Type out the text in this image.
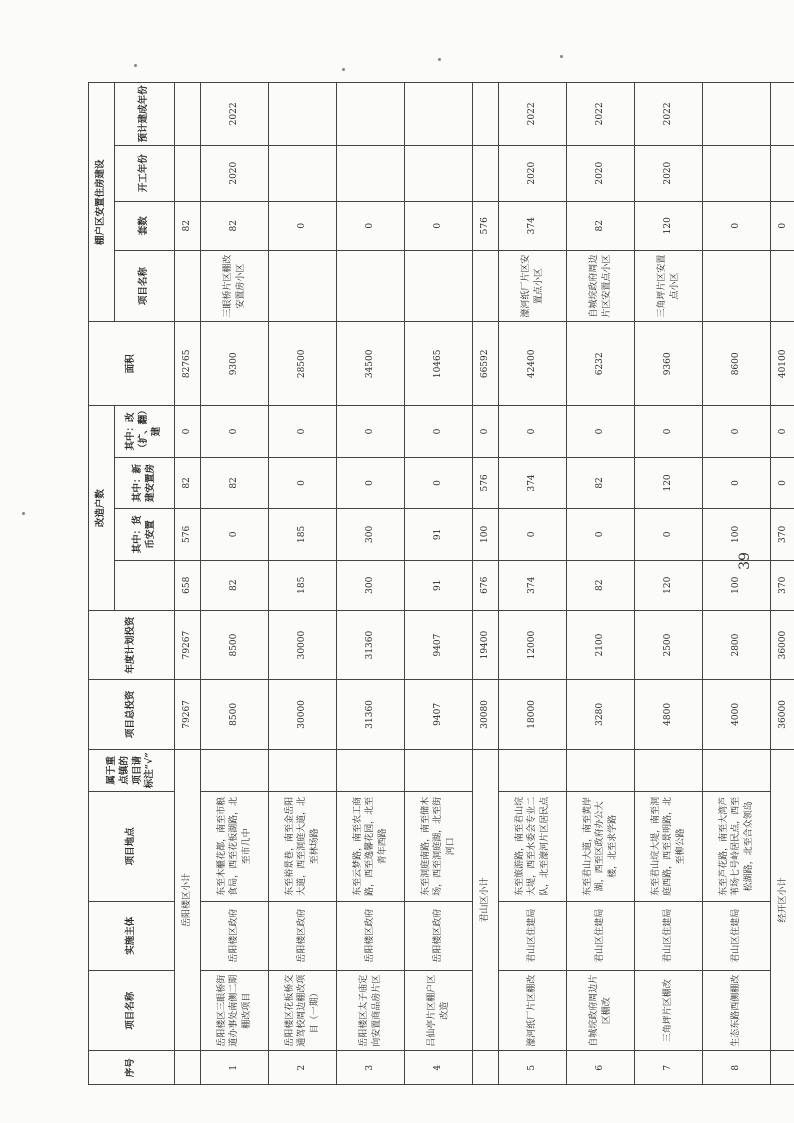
序号	项目名称	实施主体	项目地点	属于重点镇的项目请标注“√”	项目总投资	年度计划投资	改造户数				面积	棚户区安置住房建设			
								其中：货币安置	其中：新建安置房	其中：改（扩、翻）建		项目名称	套数	开工年份	预计建成年份
	岳阳楼区小计				79267	79267	658	576	82	0	82765		82		
1	岳阳楼区三眼桥街道办事处南侧二期棚改项目	岳阳楼区政府	东至木櫃花都，南至市粮食局，西至花板湖路，北至市几中		8500	8500	82	0	82	0	9300	三眼桥片区棚改安置房小区	82	2020	2022
2	岳阳楼区花板桥交通驾校周边棚改项目（一期）	岳阳楼区政府	东至裕景巷，南至金岳阳大道，西至洞庭大道，北至林场路		30000	30000	185	185	0	0	28500		0		
3	岳阳楼区太子庙定向安置商品房片区	岳阳楼区政府	东至云梦路，南至农工商路，西至逸馨花园，北至青年西路		31360	31360	300	300	0	0	34500		0		
4	吕仙亭片区棚户区改造	岳阳楼区政府	东至洞庭南路，南至储木场，西至洞庭湖，北至街河口		9407	9407	91	91	0	0	10465		0		
	君山区小计				30080	19400	676	100	576	0	66592		576		
5	濠河纸厂片区棚改	君山区住建局	东至旅游路，南至君山垸大堤，西至水委会专业二队，北至濠河片区居民点		18000	12000	374	0	374	0	42400	濠河纸厂片区安置点小区	374	2020	2022
6	自城垸政府周边片区棚改	君山区住建局	东至君山大道，南至黄岸湖，西至区政府办公大楼，北至求学路		3280	2100	82	0	82	0	6232	自城垸政府周边片区安置点小区	82	2020	2022
7	三角坪片区棚改	君山区住建局	东至君山垸大堤，南至洞庭西路，西至景明路，北至柳公路		4800	2500	120	0	120	0	9360	三角坪片区安置点小区	120	2020	2022
8	生态东路西侧棚改	君山区住建局	东至芦花路，南至大湾芦苇场七号岭居民点，西至松湖路，北至合众领岛		4000	2800	100	100	0	0	8600		0		
	经开区小计				36000	36000	370	370	0	0	40100		0		
39
